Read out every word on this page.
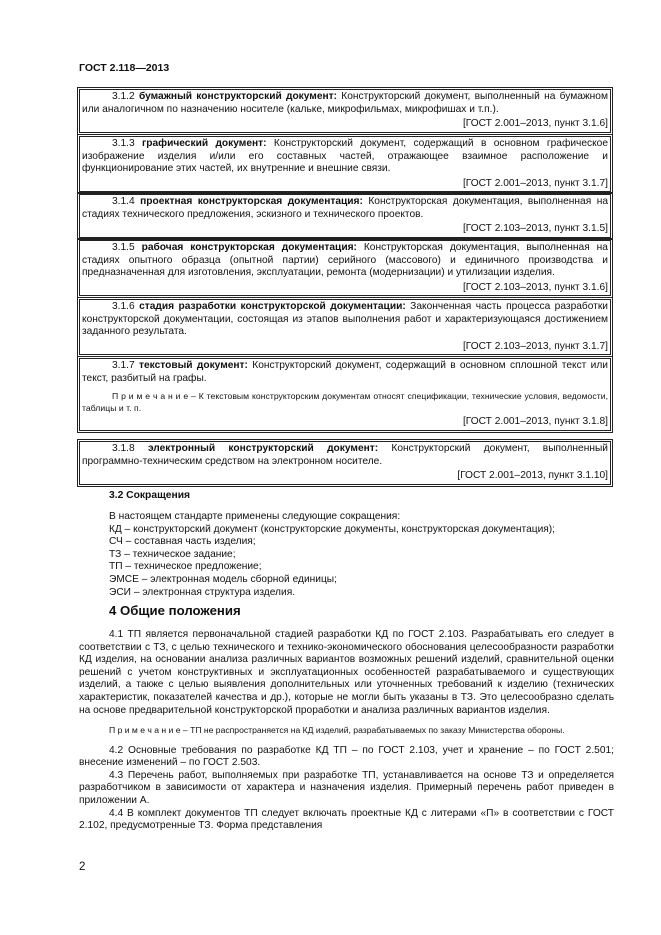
ГОСТ 2.118—2013

3.1.2 бумажный конструкторский документ: Конструкторский документ, выполненный на бумажном или аналогичном по назначению носителе (кальке, микрофильмах, микрофишах и т.п.).

[ГОСТ 2.001–2013, пункт 3.1.6]

3.1.3 графический документ: Конструкторский документ, содержащий в основном графическое изображение изделия и/или его составных частей, отражающее взаимное расположение и функционирование этих частей, их внутренние и внешние связи.

[ГОСТ 2.001–2013, пункт 3.1.7]

3.1.4 проектная конструкторская документация: Конструкторская документация, выполненная на стадиях технического предложения, эскизного и технического проектов.

[ГОСТ 2.103–2013, пункт 3.1.5]

3.1.5 рабочая конструкторская документация: Конструкторская документация, выполненная на стадиях опытного образца (опытной партии) серийного (массового) и единичного производства и предназначенная для изготовления, эксплуатации, ремонта (модернизации) и утилизации изделия.

[ГОСТ 2.103–2013, пункт 3.1.6]

3.1.6 стадия разработки конструкторской документации: Законченная часть процесса разработки конструкторской документации, состоящая из этапов выполнения работ и характеризующаяся достижением заданного результата.

[ГОСТ 2.103–2013, пункт 3.1.7]

3.1.7 текстовый документ: Конструкторский документ, содержащий в основном сплошной текст или текст, разбитый на графы.

П р и м е ч а н и е – К текстовым конструкторским документам относят спецификации, технические условия, ведомости, таблицы и т. п.

[ГОСТ 2.001–2013, пункт 3.1.8]

3.1.8 электронный конструкторский документ: Конструкторский документ, выполненный программно-техническим средством на электронном носителе.

[ГОСТ 2.001–2013, пункт 3.1.10]

3.2 Сокращения
В настоящем стандарте применены следующие сокращения:
КД – конструкторский документ (конструкторские документы, конструкторская документация);
СЧ – составная часть изделия;
ТЗ – техническое задание;
ТП – техническое предложение;
ЭМСЕ – электронная модель сборной единицы;
ЭСИ – электронная структура изделия.
4 Общие положения

4.1 ТП является первоначальной стадией разработки КД по ГОСТ 2.103. Разрабатывать его следует в соответствии с ТЗ, с целью технического и технико-экономического обоснования целесообразности разработки КД изделия, на основании анализа различных вариантов возможных решений изделий, сравнительной оценки решений с учетом конструктивных и эксплуатационных особенностей разрабатываемого и существующих изделий, а также с целью выявления дополнительных или уточненных требований к изделию (технических характеристик, показателей качества и др.), которые не могли быть указаны в ТЗ. Это целесообразно сделать на основе предварительной конструкторской проработки и анализа различных вариантов изделия.

П р и м е ч а н и е – ТП не распространяется на КД изделий, разрабатываемых по заказу Министерства обороны.

4.2 Основные требования по разработке КД ТП – по ГОСТ 2.103, учет и хранение – по ГОСТ 2.501; внесение изменений – по ГОСТ 2.503.

4.3 Перечень работ, выполняемых при разработке ТП, устанавливается на основе ТЗ и определяется разработчиком в зависимости от характера и назначения изделия. Примерный перечень работ приведен в приложении А.

4.4 В комплект документов ТП следует включать проектные КД с литерами «П» в соответствии с ГОСТ 2.102, предусмотренные ТЗ. Форма представления

2
